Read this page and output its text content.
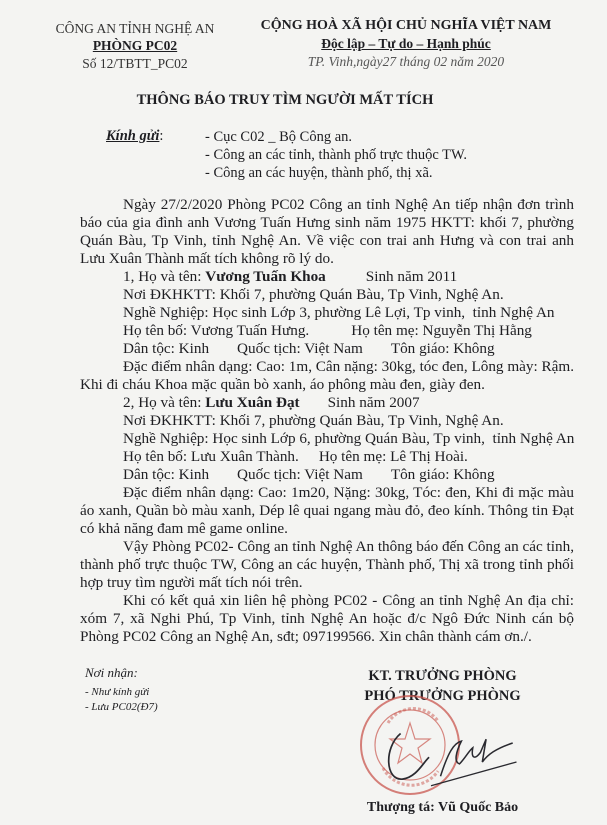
CÔNG AN TỈNH NGHỆ AN
PHÒNG PC02
Số 12/TBTT_PC02
CỘNG HOÀ XÃ HỘI CHỦ NGHĨA VIỆT NAM
Độc lập – Tự do – Hạnh phúc
TP. Vinh,ngày27 tháng 02 năm 2020
THÔNG BÁO TRUY TÌM NGƯỜI MẤT TÍCH
Kính gửi:	- Cục C02 _ Bộ Công an.
- Công an các tỉnh, thành phố trực thuộc TW.
- Công an các huyện, thành phố, thị xã.

Ngày 27/2/2020 Phòng PC02 Công an tỉnh Nghệ An tiếp nhận đơn trình báo của gia đình anh Vương Tuấn Hưng sinh năm 1975 HKTT: khối 7, phường Quán Bàu, Tp Vinh, tỉnh Nghệ An. Về việc con trai anh Hưng và con trai anh Lưu Xuân Thành mất tích không rõ lý do.

1, Họ và tên: Vương Tuấn Khoa	Sinh năm 2011
Nơi ĐKHKTT: Khối 7, phường Quán Bàu, Tp Vinh, Nghệ An.
Nghề Nghiệp: Học sinh Lớp 3, phường Lê Lợi, Tp vinh,  tỉnh Nghệ An
Họ tên bố: Vương Tuấn Hưng.	Họ tên mẹ: Nguyễn Thị Hằng
Dân tộc: Kinh Quốc tịch: Việt Nam Tôn giáo: Không

Đặc điểm nhân dạng: Cao: 1m, Cân nặng: 30kg, tóc đen, Lông mày: Rậm. Khi đi cháu Khoa mặc quần bò xanh, áo phông màu đen, giày đen.

2, Họ và tên: Lưu Xuân Đạt Sinh năm 2007
Nơi ĐKHKTT: Khối 7, phường Quán Bàu, Tp Vinh, Nghệ An.
Nghề Nghiệp: Học sinh Lớp 6, phường Quán Bàu, Tp vinh,  tỉnh Nghệ An
Họ tên bố: Lưu Xuân Thành. Họ tên mẹ: Lê Thị Hoài.
Dân tộc: Kinh Quốc tịch: Việt Nam Tôn giáo: Không

Đặc điểm nhân dạng: Cao: 1m20, Nặng: 30kg, Tóc: đen, Khi đi mặc màu áo xanh, Quần bò màu xanh, Dép lê quai ngang màu đỏ, đeo kính. Thông tin Đạt có khả năng đam mê game online.

Vậy Phòng PC02- Công an tỉnh Nghệ An thông báo đến Công an các tỉnh, thành phố trực thuộc TW, Công an các huyện, Thành phố, Thị xã trong tỉnh phối hợp truy tìm người mất tích nói trên.

Khi có kết quả xin liên hệ phòng PC02 - Công an tỉnh Nghệ An địa chỉ: xóm 7, xã Nghi Phú, Tp Vinh, tỉnh Nghệ An hoặc đ/c Ngô Đức Ninh cán bộ Phòng PC02 Công an Nghệ An, sđt; 097199566. Xin chân thành cám ơn./.

Nơi nhận:
- Như kính gửi
- Lưu PC02(Đ7)
KT. TRƯỞNG PHÒNG
PHÓ TRƯỞNG PHÒNG
Thượng tá: Vũ Quốc Bảo
